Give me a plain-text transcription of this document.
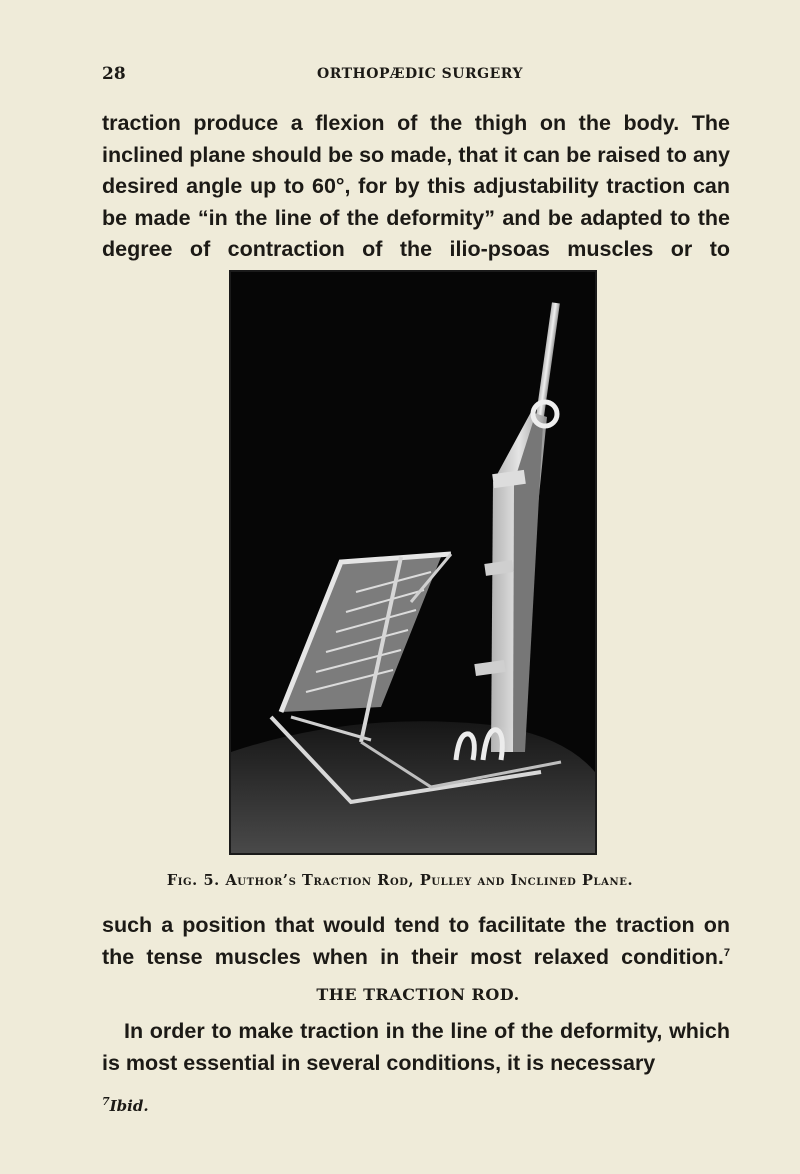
28	ORTHOPÆDIC SURGERY
traction produce a flexion of the thigh on the body. The inclined plane should be so made, that it can be raised to any desired angle up to 60°, for by this adjustability traction can be made “in the line of the deformity” and be adapted to the degree of contraction of the ilio-psoas muscles or to
Fig. 5. Author’s Traction Rod, Pulley and Inclined Plane.
such a position that would tend to facilitate the traction on the tense muscles when in their most relaxed condition.$^7$
THE TRACTION ROD.
In order to make traction in the line of the deformity, which is most essential in several conditions, it is necessary
$^7$Ibid.
